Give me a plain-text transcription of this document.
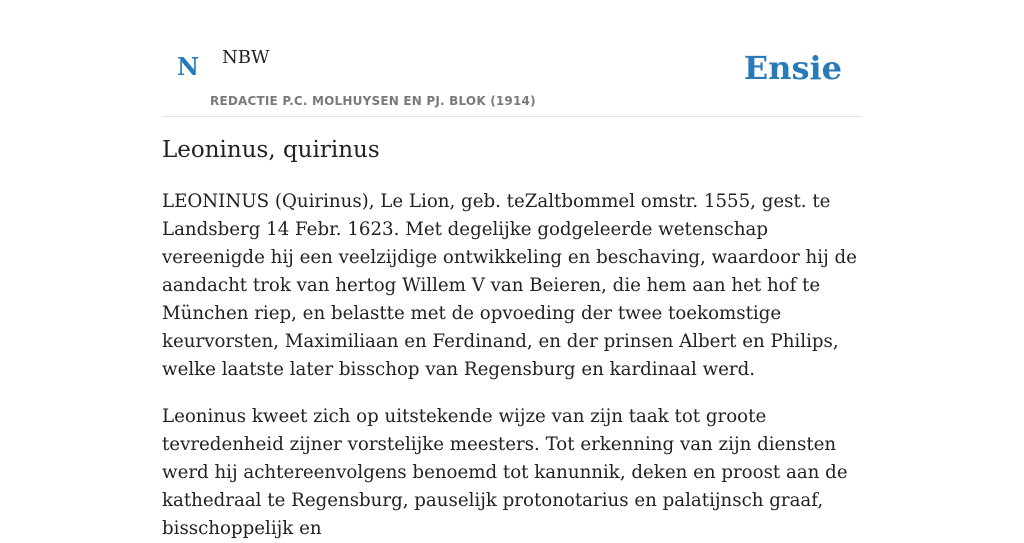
N NBW
REDACTIE P.C. MOLHUYSEN EN PJ. BLOK (1914)
Ensie
Leoninus, quirinus

LEONINUS (Quirinus), Le Lion, geb. teZaltbommel omstr. 1555, gest. te Landsberg 14 Febr. 1623. Met degelijke godgeleerde wetenschap vereenigde hij een veelzijdige ontwikkeling en beschaving, waardoor hij de aandacht trok van hertog Willem V van Beieren, die hem aan het hof te München riep, en belastte met de opvoeding der twee toekomstige keurvorsten, Maximiliaan en Ferdinand, en der prinsen Albert en Philips, welke laatste later bisschop van Regensburg en kardinaal werd.

Leoninus kweet zich op uitstekende wijze van zijn taak tot groote tevredenheid zijner vorstelijke meesters. Tot erkenning van zijn diensten werd hij achtereenvolgens benoemd tot kanunnik, deken en proost aan de kathedraal te Regensburg, pauselijk protonotarius en palatijnsch graaf, bisschoppelijk en
